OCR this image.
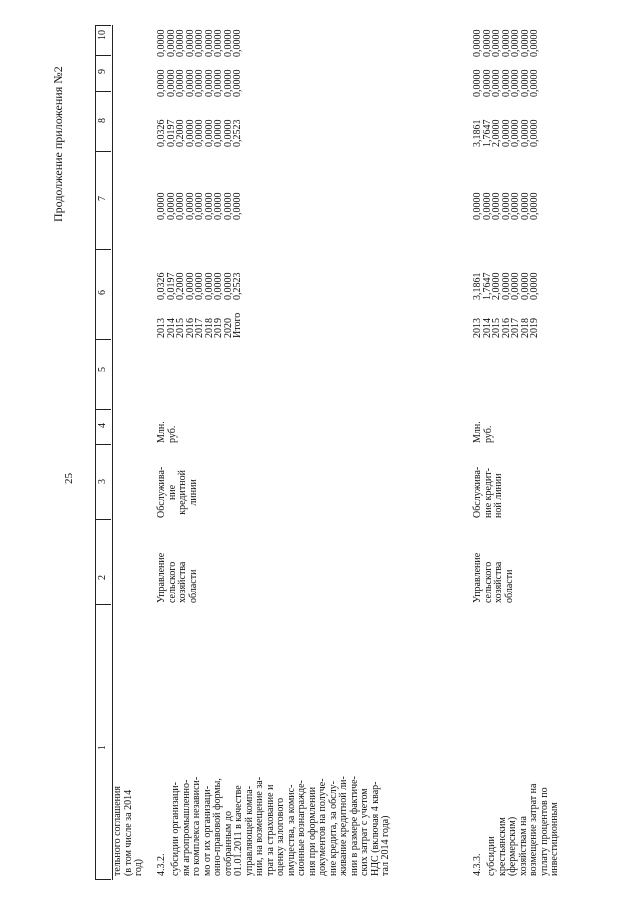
25
Продолжение приложения №2
1
2
3
4
5
6
7
8
9
10
тельного соглашения
(в том числе за 2014
год) 4.3.2. субсидии организаци-
ям агропромышленно-
го комплекса независи-
мо от их организаци-
онно-правовой формы,
отобранным до
01.01.2011 в качестве
управляющей компа-
нии, на возмещение за-
трат за страхование и
оценку залогового
имущества, за комис-
сионные вознагражде-
ния при оформлении
документов на получе-
ние кредита, за обслу-
живание кредитной ли-
нии в размере фактиче-
ских затрат с учетом
НДС (включая 4 квар-
тал 2014 года)
Управление
сельского
хозяйства
области
Обслужива-
ние
кредитной
линии
Млн.
руб.
2013
2014
2015
2016
2017
2018
2019
2020
Итого
0,0326
0,0197
0,2000
0,0000
0,0000
0,0000
0,0000
0,0000
0,2523
0,0000
0,0000
0,0000
0,0000
0,0000
0,0000
0,0000
0,0000
0,0000
0,0326
0,0197
0,2000
0,0000
0,0000
0,0000
0,0000
0,0000
0,2523
0,0000
0,0000
0,0000
0,0000
0,0000
0,0000
0,0000
0,0000
0,0000
0,0000
0,0000
0,0000
0,0000
0,0000
0,0000
0,0000
0,0000
0,0000
4.3.3. субсидии
крестьянским
(фермерским)
хозяйствам на
возмещение затрат на
уплату процентов по
инвестиционным
Управление
сельского
хозяйства
области
Обслужива-
ние кредит-
ной линии
Млн.
руб.
2013
2014
2015
2016
2017
2018
2019
3,1861
1,7647
2,0000
0,0000
0,0000
0,0000
0,0000
0,0000
0,0000
0,0000
0,0000
0,0000
0,0000
0,0000
3,1861
1,7647
2,0000
0,0000
0,0000
0,0000
0,0000
0,0000
0,0000
0,0000
0,0000
0,0000
0,0000
0,0000
0,0000
0,0000
0,0000
0,0000
0,0000
0,0000
0,0000
